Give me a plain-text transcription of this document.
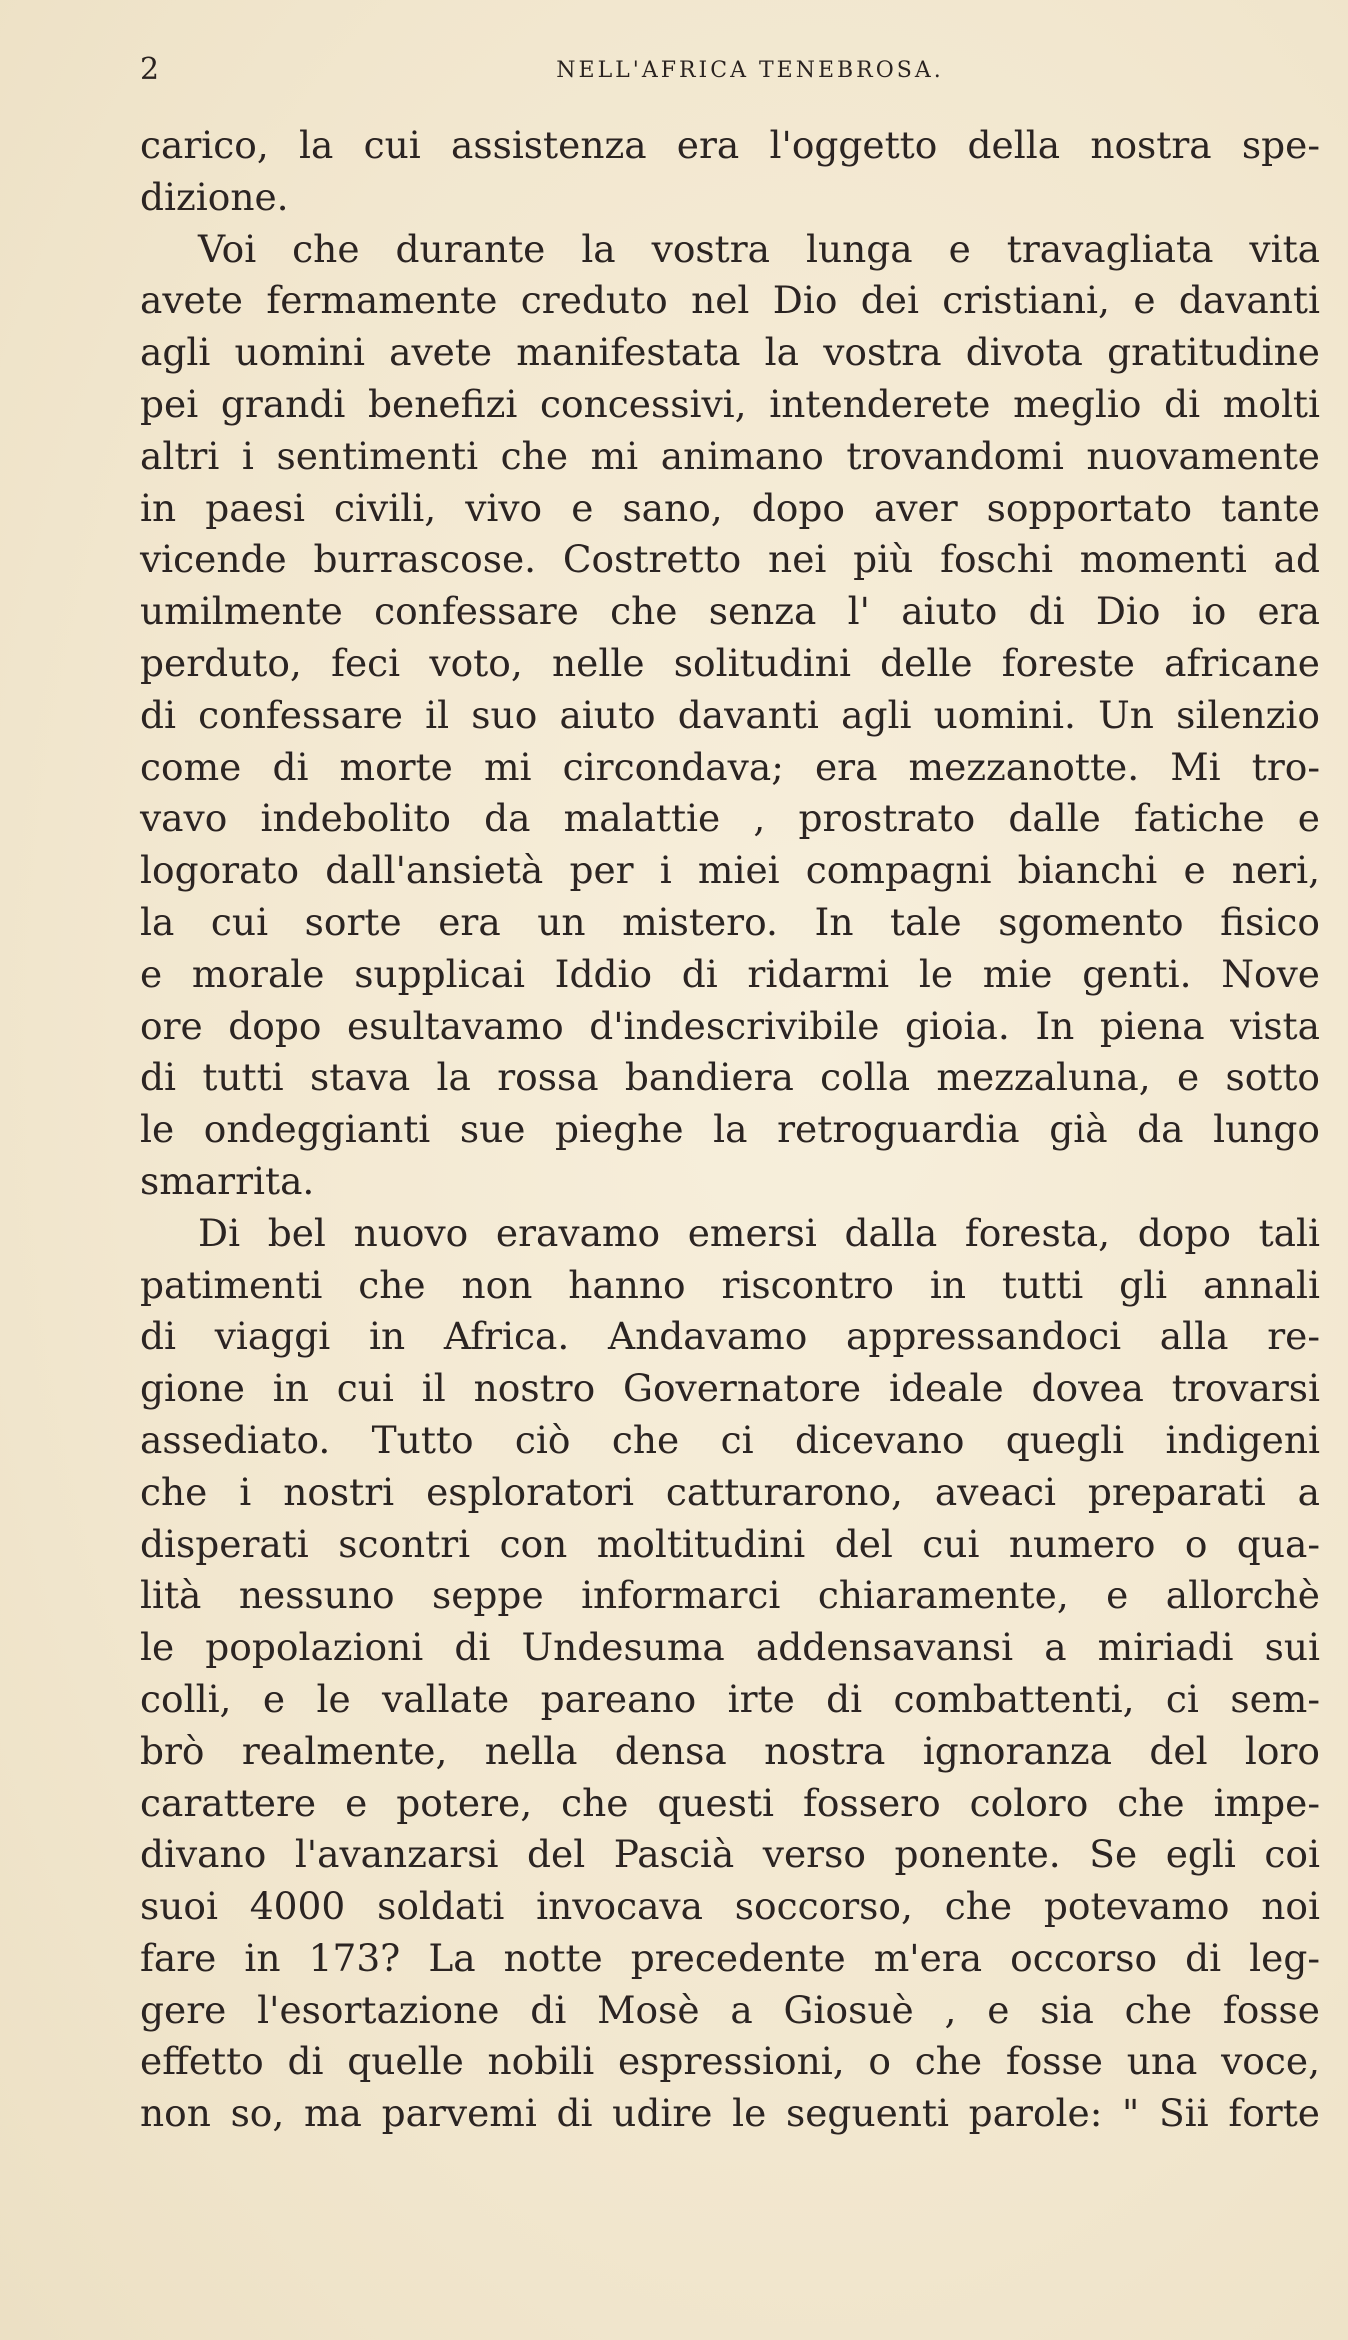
2	NELL'AFRICA TENEBROSA.
carico, la cui assistenza era l'oggetto della nostra spe-
dizione.
Voi che durante la vostra lunga e travagliata vita
avete fermamente creduto nel Dio dei cristiani, e davanti
agli uomini avete manifestata la vostra divota gratitudine
pei grandi benefizi concessivi, intenderete meglio di molti
altri i sentimenti che mi animano trovandomi nuovamente
in paesi civili, vivo e sano, dopo aver sopportato tante
vicende burrascose. Costretto nei più foschi momenti ad
umilmente confessare che senza l' aiuto di Dio io era
perduto, feci voto, nelle solitudini delle foreste africane
di confessare il suo aiuto davanti agli uomini. Un silenzio
come di morte mi circondava; era mezzanotte. Mi tro-
vavo indebolito da malattie , prostrato dalle fatiche e
logorato dall'ansietà per i miei compagni bianchi e neri,
la cui sorte era un mistero. In tale sgomento fisico
e morale supplicai Iddio di ridarmi le mie genti. Nove
ore dopo esultavamo d'indescrivibile gioia. In piena vista
di tutti stava la rossa bandiera colla mezzaluna, e sotto
le ondeggianti sue pieghe la retroguardia già da lungo
smarrita.
Di bel nuovo eravamo emersi dalla foresta, dopo tali
patimenti che non hanno riscontro in tutti gli annali
di viaggi in Africa. Andavamo appressandoci alla re-
gione in cui il nostro Governatore ideale dovea trovarsi
assediato. Tutto ciò che ci dicevano quegli indigeni
che i nostri esploratori catturarono, aveaci preparati a
disperati scontri con moltitudini del cui numero o qua-
lità nessuno seppe informarci chiaramente, e allorchè
le popolazioni di Undesuma addensavansi a miriadi sui
colli, e le vallate pareano irte di combattenti, ci sem-
brò realmente, nella densa nostra ignoranza del loro
carattere e potere, che questi fossero coloro che impe-
divano l'avanzarsi del Pascià verso ponente. Se egli coi
suoi 4000 soldati invocava soccorso, che potevamo noi
fare in 173? La notte precedente m'era occorso di leg-
gere l'esortazione di Mosè a Giosuè , e sia che fosse
effetto di quelle nobili espressioni, o che fosse una voce,
non so, ma parvemi di udire le seguenti parole: " Sii forte
